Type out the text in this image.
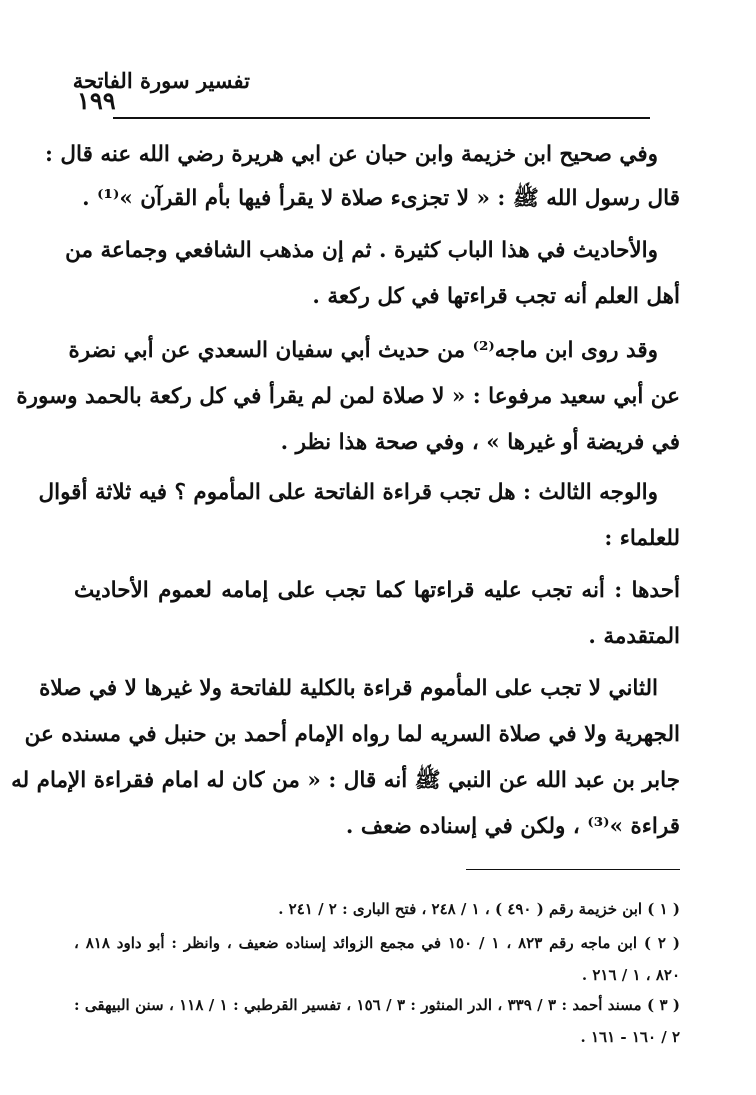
تفسير سورة الفاتحة
١٩٩
وفي صحيح ابن خزيمة وابن حبان عن ابي هريرة رضي الله عنه قال :
قال رسول الله ﷺ : « لا تجزىء صلاة لا يقرأ فيها بأم القرآن »⁽¹⁾ .
والأحاديث في هذا الباب كثيرة . ثم إن مذهب الشافعي وجماعة من
أهل العلم أنه تجب قراءتها في كل ركعة .
وقد روى ابن ماجه⁽²⁾ من حديث أبي سفيان السعدي عن أبي نضرة
عن أبي سعيد مرفوعا : « لا صلاة لمن لم يقرأ في كل ركعة بالحمد وسورة
في فريضة أو غيرها » ، وفي صحة هذا نظر .
والوجه الثالث : هل تجب قراءة الفاتحة على المأموم ؟ فيه ثلاثة أقوال
للعلماء :
أحدها : أنه تجب عليه قراءتها كما تجب على إمامه لعموم الأحاديث
المتقدمة .
الثاني لا تجب على المأموم قراءة بالكلية للفاتحة ولا غيرها لا في صلاة
الجهرية ولا في صلاة السريه لما رواه الإمام أحمد بن حنبل في مسنده عن
جابر بن عبد الله عن النبي ﷺ أنه قال : « من كان له امام فقراءة الإمام له
قراءة »⁽³⁾ ، ولكن في إسناده ضعف .
( ١ ) ابن خزيمة رقم ( ٤٩٠ ) ، ١ / ٢٤٨ ، فتح البارى : ٢ / ٢٤١ .
( ٢ ) ابن ماجه رقم ٨٢٣ ، ١ / ١٥٠ في مجمع الزوائد إسناده ضعيف ، وانظر : أبو داود ٨١٨ ،
٨٢٠ ، ١ / ٢١٦ .
( ٣ ) مسند أحمد : ٣ / ٣٣٩ ، الدر المنثور : ٣ / ١٥٦ ، تفسير القرطبي : ١ / ١١٨ ، سنن البيهقى :
٢ / ١٦٠ - ١٦١ .
